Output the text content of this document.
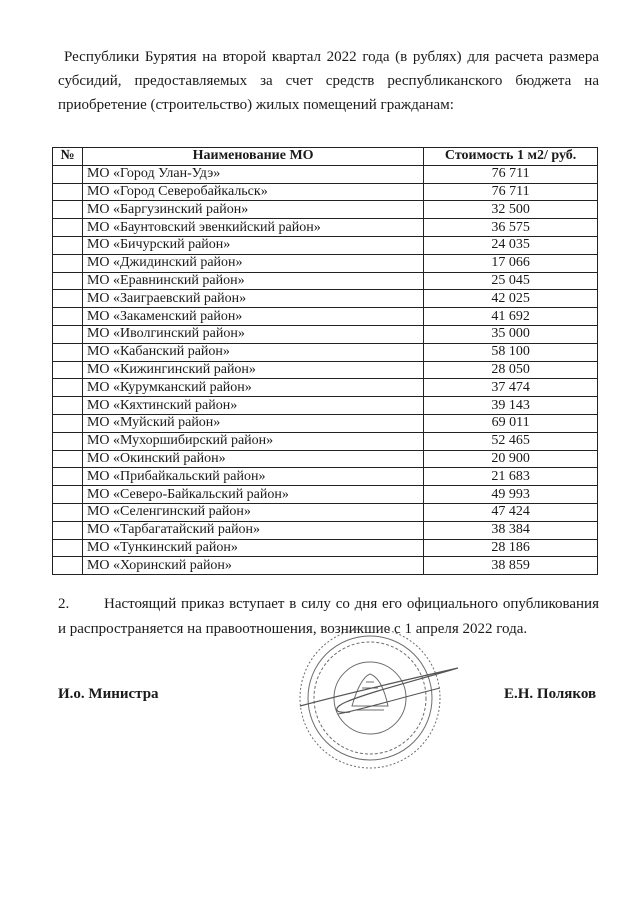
Республики Бурятия на второй квартал 2022 года (в рублях) для расчета размера субсидий, предоставляемых за счет средств республиканского бюджета на приобретение (строительство) жилых помещений гражданам:

№	Наименование МО	Стоимость 1 м2/ руб.
	МО «Город Улан-Удэ»	76 711
	МО «Город Северобайкальск»	76 711
	МО «Баргузинский район»	32 500
	МО «Баунтовский эвенкийский район»	36 575
	МО «Бичурский район»	24 035
	МО «Джидинский район»	17 066
	МО «Еравнинский район»	25 045
	МО «Заиграевский район»	42 025
	МО «Закаменский район»	41 692
	МО «Иволгинский район»	35 000
	МО «Кабанский район»	58 100
	МО «Кижингинский район»	28 050
	МО «Курумканский район»	37 474
	МО «Кяхтинский район»	39 143
	МО «Муйский район»	69 011
	МО «Мухоршибирский район»	52 465
	МО «Окинский район»	20 900
	МО «Прибайкальский район»	21 683
	МО «Северо-Байкальский район»	49 993
	МО «Селенгинский район»	47 424
	МО «Тарбагатайский район»	38 384
	МО «Тункинский район»	28 186
	МО «Хоринский район»	38 859

2. Настоящий приказ вступает в силу со дня его официального опубликования и распространяется на правоотношения, возникшие с 1 апреля 2022 года.

И.о. Министра	Е.Н. Поляков
